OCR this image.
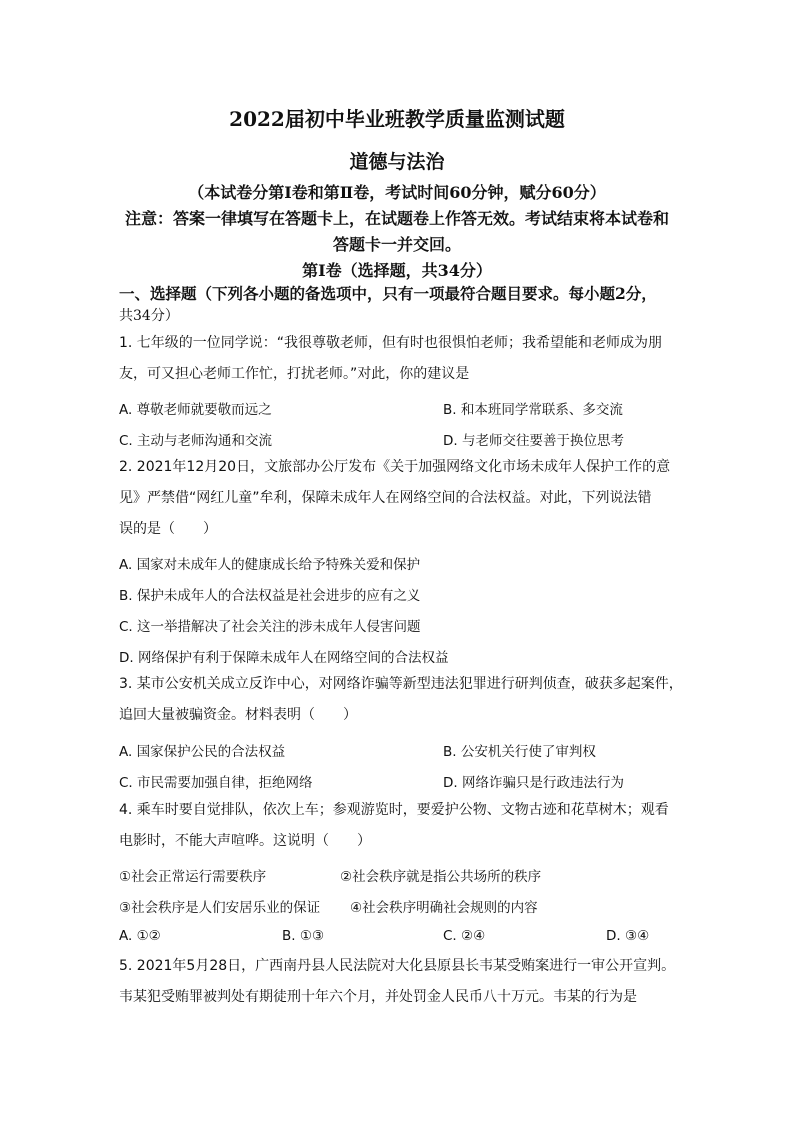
2022届初中毕业班教学质量监测试题
道德与法治
（本试卷分第Ⅰ卷和第Ⅱ卷，考试时间60分钟，赋分60分）
注意：答案一律填写在答题卡上，在试题卷上作答无效。考试结束将本试卷和
答题卡一并交回。
第Ⅰ卷（选择题，共34分）
一、选择题（下列各小题的备选项中，只有一项最符合题目要求。每小题2分，
共34分）
1. 七年级的一位同学说：“我很尊敬老师，但有时也很惧怕老师；我希望能和老师成为朋
友，可又担心老师工作忙，打扰老师。”对此，你的建议是
A. 尊敬老师就要敬而远之	B. 和本班同学常联系、多交流
C. 主动与老师沟通和交流	D. 与老师交往要善于换位思考
2. 2021年12月20日，文旅部办公厅发布《关于加强网络文化市场未成年人保护工作的意
见》严禁借“网红儿童”牟利，保障未成年人在网络空间的合法权益。对此，下列说法错
误的是（　　）
A. 国家对未成年人的健康成长给予特殊关爱和保护
B. 保护未成年人的合法权益是社会进步的应有之义
C. 这一举措解决了社会关注的涉未成年人侵害问题
D. 网络保护有利于保障未成年人在网络空间的合法权益
3. 某市公安机关成立反诈中心，对网络诈骗等新型违法犯罪进行研判侦查，破获多起案件，
追回大量被骗资金。材料表明（　　）
A. 国家保护公民的合法权益	B. 公安机关行使了审判权
C. 市民需要加强自律，拒绝网络	D. 网络诈骗只是行政违法行为
4. 乘车时要自觉排队，依次上车；参观游览时，要爱护公物、文物古迹和花草树木；观看
电影时，不能大声喧哗。这说明（　　）
①社会正常运行需要秩序	②社会秩序就是指公共场所的秩序
③社会秩序是人们安居乐业的保证 ④社会秩序明确社会规则的内容
A. ①②	B. ①③	C. ②④	D. ③④
5. 2021年5月28日，广西南丹县人民法院对大化县原县长韦某受贿案进行一审公开宣判。
韦某犯受贿罪被判处有期徒刑十年六个月，并处罚金人民币八十万元。韦某的行为是
